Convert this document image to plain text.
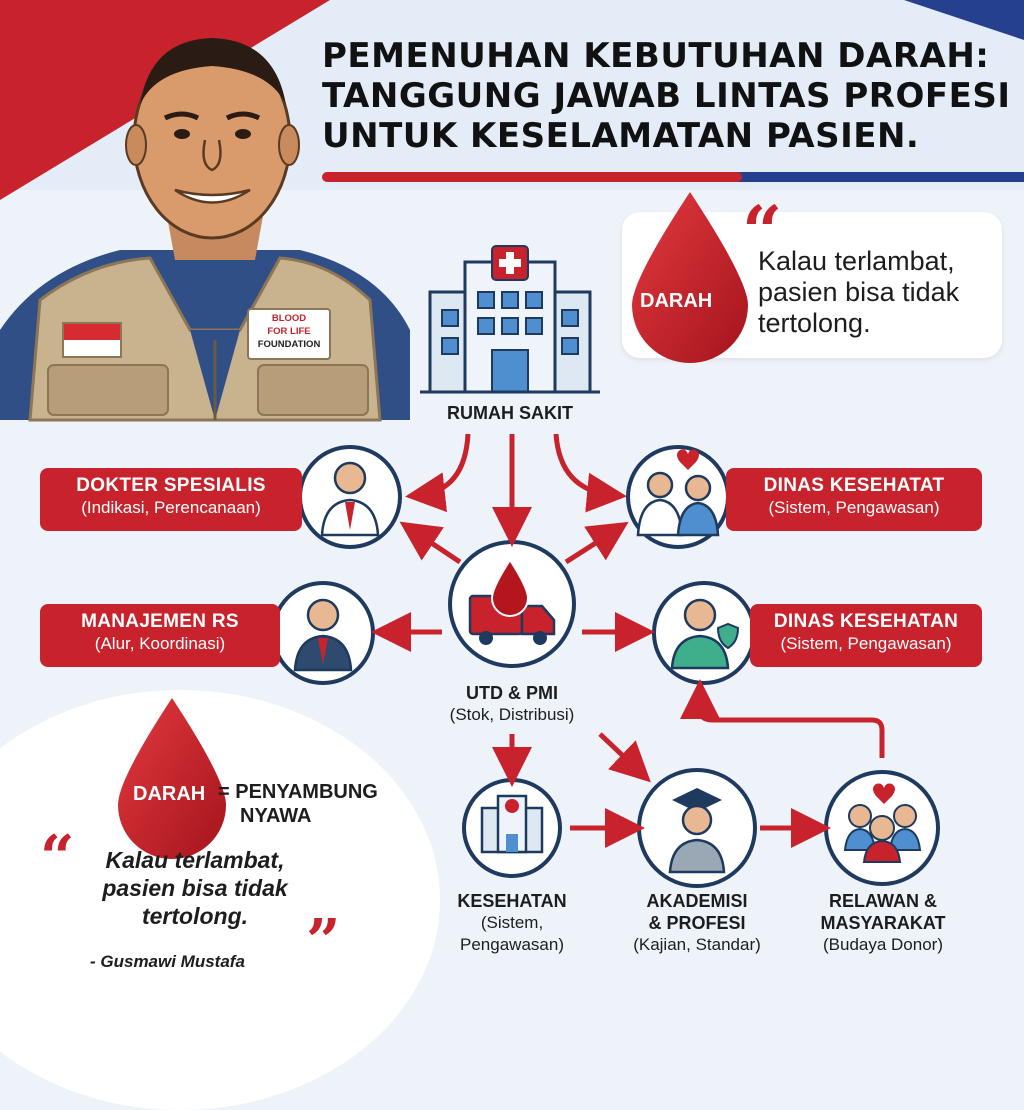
BLOOD
FOR LIFE
FOUNDATION
PEMENUHAN KEBUTUHAN DARAH:
TANGGUNG JAWAB LINTAS PROFESI
UNTUK KESELAMATAN PASIEN.
“
Kalau terlambat, pasien bisa tidak tertolong.
DARAH
RUMAH SAKIT
DOKTER SPESIALIS
(Indikasi, Perencanaan)
DINAS KESEHATAT
(Sistem, Pengawasan)
MANAJEMEN RS
(Alur, Koordinasi)
DINAS KESEHATAN
(Sistem, Pengawasan)
UTD & PMI
(Stok, Distribusi)
DARAH = PENYAMBUNG
NYAWA
“	Kalau terlambat, pasien bisa tidak tertolong. ”
- Gusmawi Mustafa
KESEHATAN
(Sistem,
Pengawasan)
AKADEMISI
& PROFESI
(Kajian, Standar)
RELAWAN &
MASYARAKAT
(Budaya Donor)
